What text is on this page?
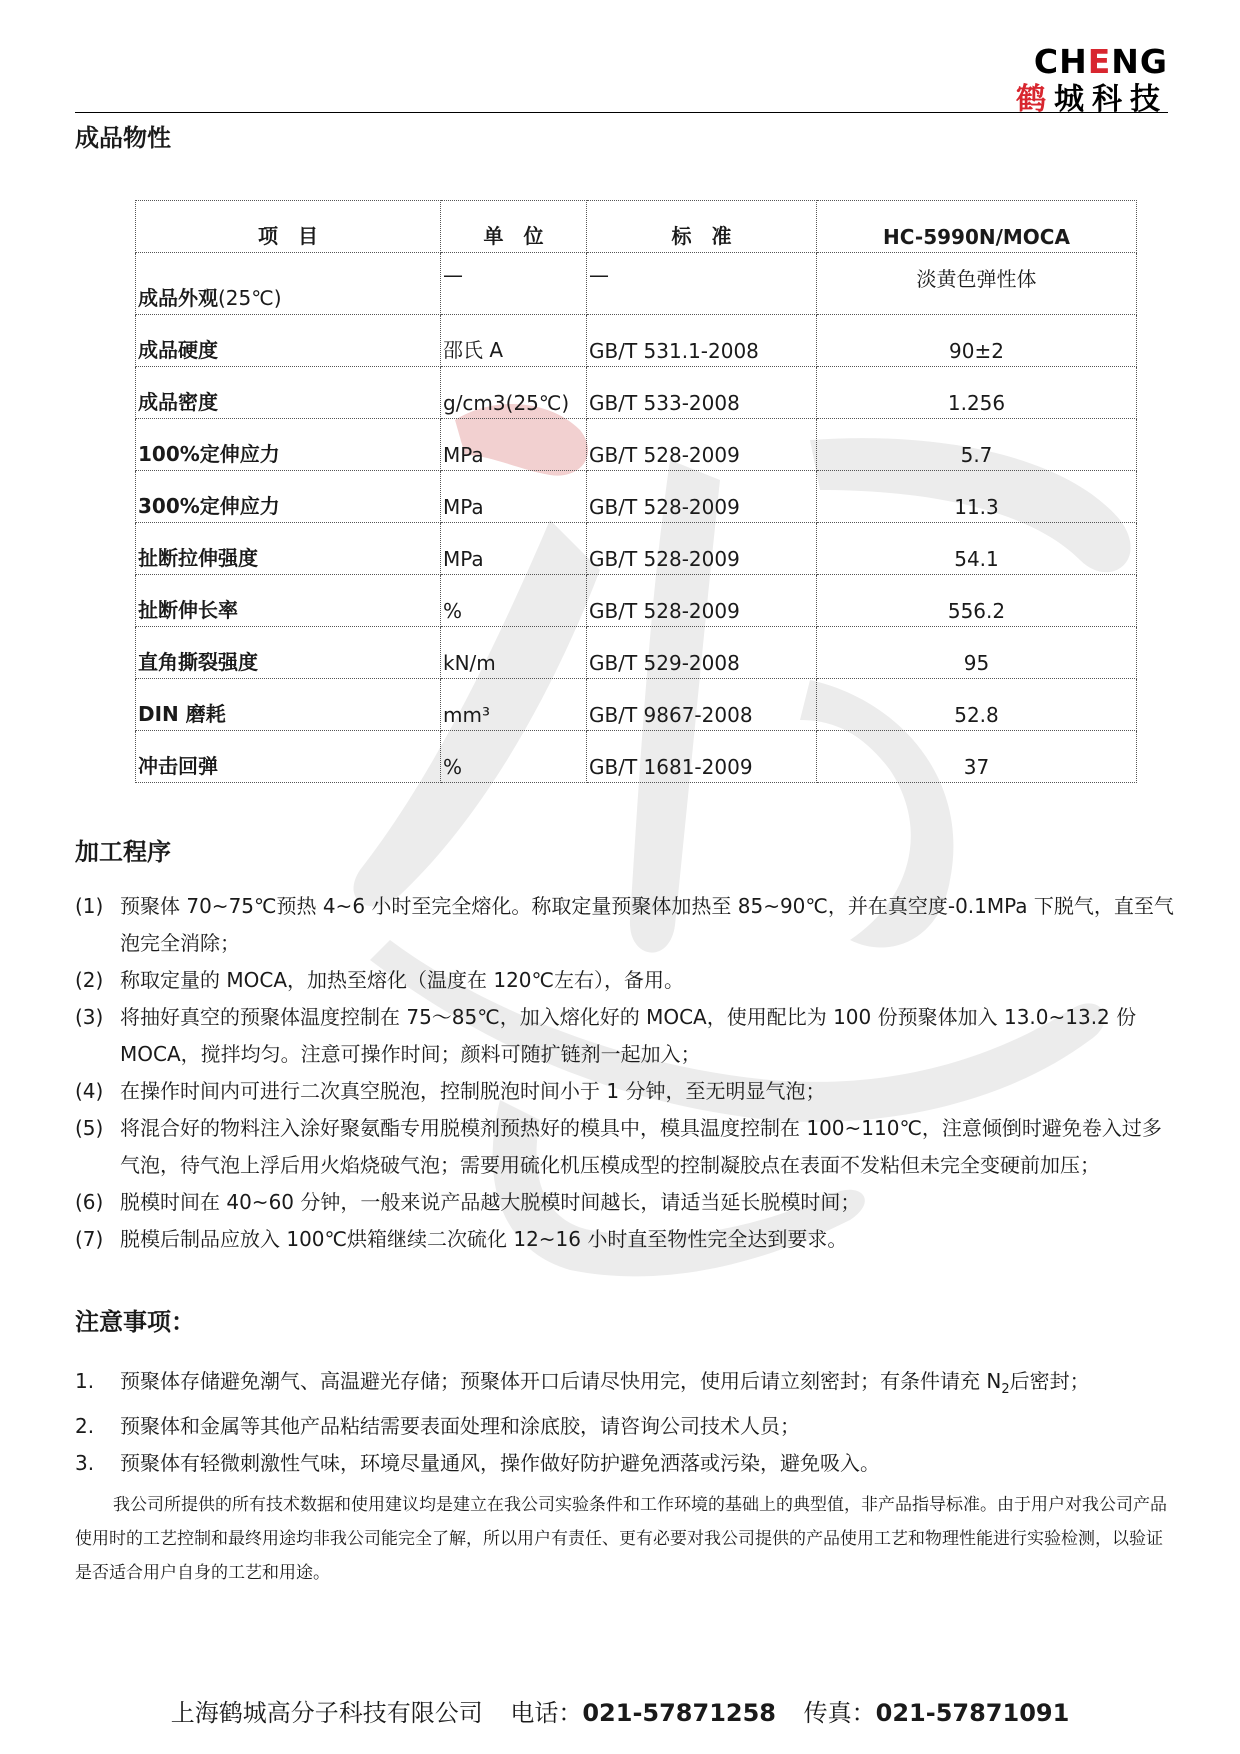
CHENG
鹤城科技
成品物性
项　目	单　位	标　准	HC-5990N/MOCA
成品外观(25℃)	—	—	淡黄色弹性体
成品硬度	邵氏 A	GB/T 531.1-2008	90±2
成品密度	g/cm3(25℃)	GB/T 533-2008	1.256
100%定伸应力	MPa	GB/T 528-2009	5.7
300%定伸应力	MPa	GB/T 528-2009	11.3
扯断拉伸强度	MPa	GB/T 528-2009	54.1
扯断伸长率	%	GB/T 528-2009	556.2
直角撕裂强度	kN/m	GB/T 529-2008	95
DIN 磨耗	mm³	GB/T 9867-2008	52.8
冲击回弹	%	GB/T 1681-2009	37
加工程序
(1) 预聚体 70~75℃预热 4~6 小时至完全熔化。称取定量预聚体加热至 85~90℃，并在真空度-0.1MPa 下脱气，直至气泡完全消除；
(2) 称取定量的 MOCA，加热至熔化（温度在 120℃左右），备用。
(3) 将抽好真空的预聚体温度控制在 75～85℃，加入熔化好的 MOCA，使用配比为 100 份预聚体加入 13.0~13.2 份 MOCA，搅拌均匀。注意可操作时间；颜料可随扩链剂一起加入；
(4) 在操作时间内可进行二次真空脱泡，控制脱泡时间小于 1 分钟，至无明显气泡；
(5) 将混合好的物料注入涂好聚氨酯专用脱模剂预热好的模具中，模具温度控制在 100~110℃，注意倾倒时避免卷入过多气泡，待气泡上浮后用火焰烧破气泡；需要用硫化机压模成型的控制凝胶点在表面不发粘但未完全变硬前加压；
(6) 脱模时间在 40~60 分钟，一般来说产品越大脱模时间越长，请适当延长脱模时间；
(7) 脱模后制品应放入 100℃烘箱继续二次硫化 12~16 小时直至物性完全达到要求。
注意事项：
1. 预聚体存储避免潮气、高温避光存储；预聚体开口后请尽快用完，使用后请立刻密封；有条件请充 $N_2$后密封；
2. 预聚体和金属等其他产品粘结需要表面处理和涂底胶，请咨询公司技术人员；
3. 预聚体有轻微刺激性气味，环境尽量通风，操作做好防护避免洒落或污染，避免吸入。
我公司所提供的所有技术数据和使用建议均是建立在我公司实验条件和工作环境的基础上的典型值，非产品指导标准。由于用户对我公司产品使用时的工艺控制和最终用途均非我公司能完全了解，所以用户有责任、更有必要对我公司提供的产品使用工艺和物理性能进行实验检测，以验证是否适合用户自身的工艺和用途。
上海鹤城高分子科技有限公司 电话：021-57871258 传真：021-57871091
